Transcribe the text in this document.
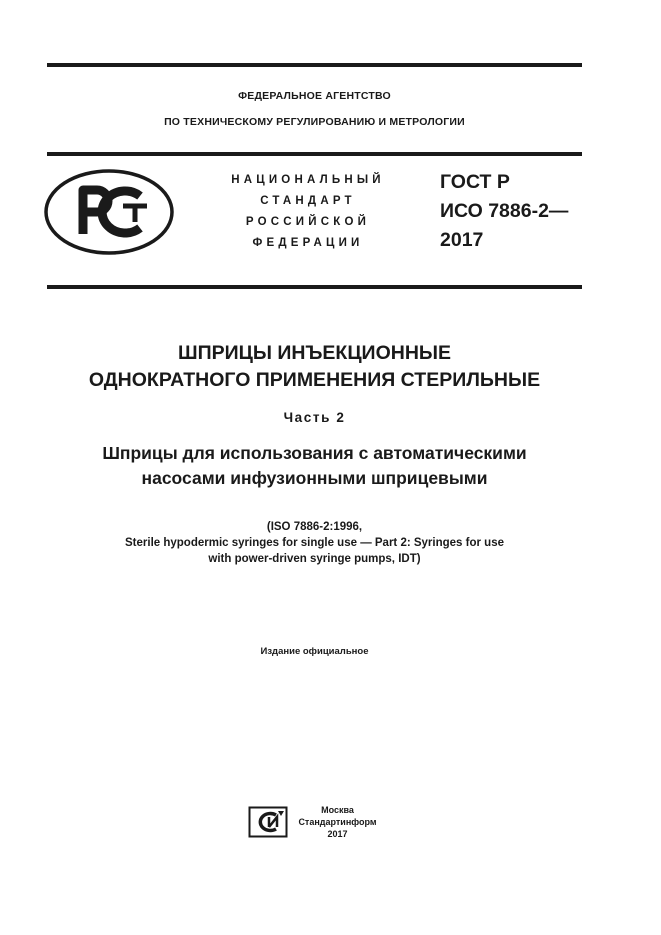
ФЕДЕРАЛЬНОЕ АГЕНТСТВО
ПО ТЕХНИЧЕСКОМУ РЕГУЛИРОВАНИЮ И МЕТРОЛОГИИ
НАЦИОНАЛЬНЫЙ
СТАНДАРТ
РОССИЙСКОЙ
ФЕДЕРАЦИИ
ГОСТ Р
ИСО 7886-2—
2017
ШПРИЦЫ ИНЪЕКЦИОННЫЕ
ОДНОКРАТНОГО ПРИМЕНЕНИЯ СТЕРИЛЬНЫЕ
Часть 2
Шприцы для использования с автоматическими
насосами инфузионными шприцевыми
(ISO 7886-2:1996,
Sterile hypodermic syringes for single use — Part 2: Syringes for use
with power-driven syringe pumps, IDT)
Издание официальное
Москва
Стандартинформ
2017
